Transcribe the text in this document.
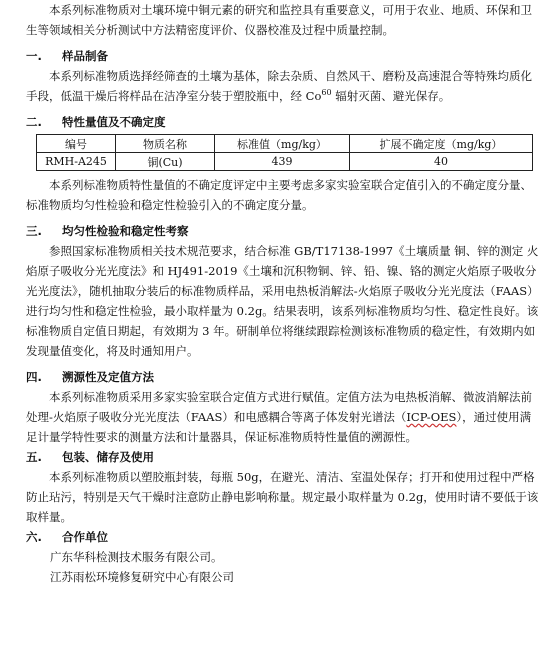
本系列标准物质对土壤环境中铜元素的研究和监控具有重要意义，可用于农业、地质、环保和卫生等领域相关分析测试中方法精密度评价、仪器校准及过程中质量控制。

一.	样品制备

本系列标准物质选择经筛查的土壤为基体，除去杂质、自然风干、磨粉及高速混合等特殊均质化手段，低温干燥后将样品在洁净室分装于塑胶瓶中，经 Co$^{60}$ 辐射灭菌、避光保存。

二.	特性量值及不确定度
编号	物质名称	标准值（mg/kg）	扩展不确定度（mg/kg）
RMH-A245	铜(Cu)	439	40

本系列标准物质特性量值的不确定度评定中主要考虑多家实验室联合定值引入的不确定度分量、标准物质均匀性检验和稳定性检验引入的不确定度分量。

三.	均匀性检验和稳定性考察

参照国家标准物质相关技术规范要求，结合标准 GB/T17138-1997《土壤质量 铜、锌的测定 火焰原子吸收分光光度法》和 HJ491-2019《土壤和沉积物铜、锌、铅、镍、铬的测定火焰原子吸收分光光度法》，随机抽取分装后的标准物质样品，采用电热板消解法-火焰原子吸收分光光度法（FAAS）进行均匀性和稳定性检验，最小取样量为 0.2g。结果表明，该系列标准物质均匀性、稳定性良好。该标准物质自定值日期起，有效期为 3 年。研制单位将继续跟踪检测该标准物质的稳定性，有效期内如发现量值变化，将及时通知用户。

四.	溯源性及定值方法

本系列标准物质采用多家实验室联合定值方式进行赋值。定值方法为电热板消解、微波消解法前处理-火焰原子吸收分光光度法（FAAS）和电感耦合等离子体发射光谱法（ICP-OES），通过使用满足计量学特性要求的测量方法和计量器具，保证标准物质特性量值的溯源性。

五.	包装、储存及使用

本系列标准物质以塑胶瓶封装，每瓶 50g，在避光、清洁、室温处保存；打开和使用过程中严格防止玷污，特别是天气干燥时注意防止静电影响称量。规定最小取样量为 0.2g，使用时请不要低于该取样量。

六.	合作单位

广东华科检测技术服务有限公司。

江苏雨松环境修复研究中心有限公司
